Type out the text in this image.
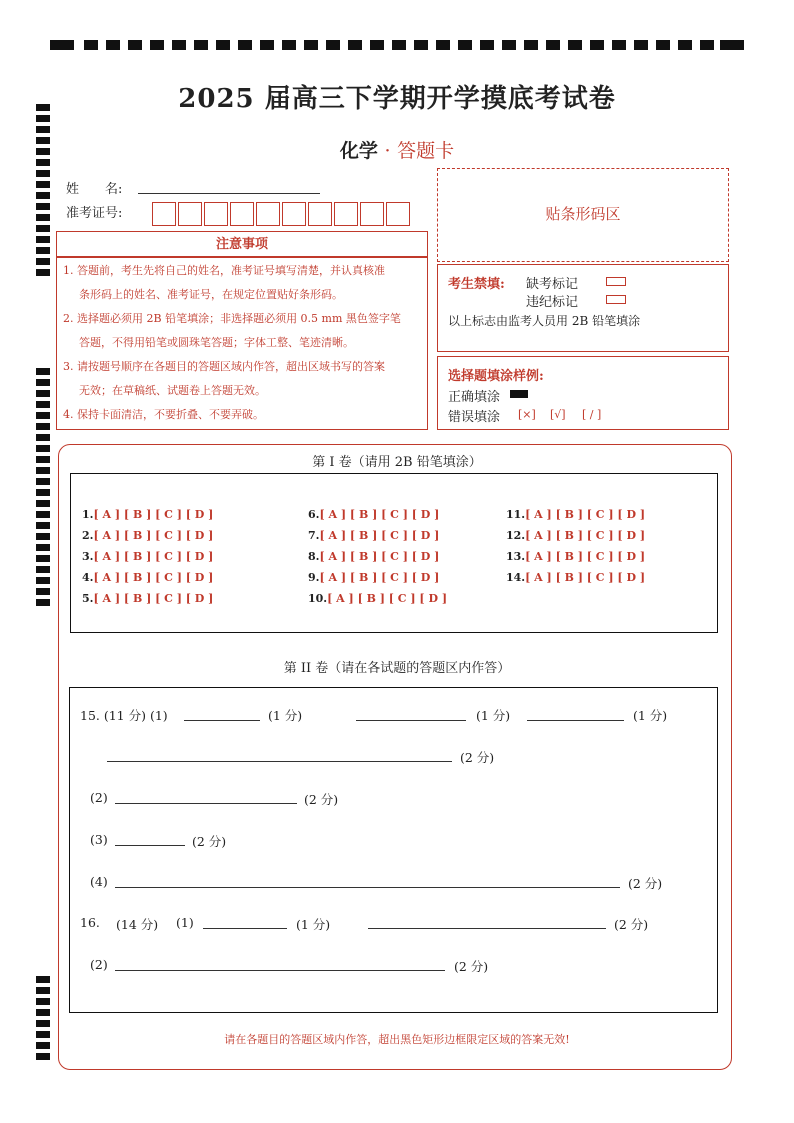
2025 届高三下学期开学摸底考试卷
化学 · 答题卡
姓　　名:
准考证号:	贴条形码区
注意事项
1. 答题前，考生先将自己的姓名，准考证号填写清楚，并认真核准
条形码上的姓名、准考证号，在规定位置贴好条形码。
2. 选择题必须用 2B 铅笔填涂；非选择题必须用 0.5 mm 黑色签字笔
答题，不得用铅笔或圆珠笔答题；字体工整、笔迹清晰。
3. 请按题号顺序在各题目的答题区域内作答，超出区域书写的答案
无效；在草稿纸、试题卷上答题无效。
4. 保持卡面清洁，不要折叠、不要弄破。
考生禁填: 缺考标记
违纪标记
以上标志由监考人员用 2B 铅笔填涂
选择题填涂样例:
正确填涂
错误填涂 [×] [√] [ / ]
第 I 卷（请用 2B 铅笔填涂）
1.[ A ] [ B ] [ C ] [ D ]
2.[ A ] [ B ] [ C ] [ D ]
3.[ A ] [ B ] [ C ] [ D ]
4.[ A ] [ B ] [ C ] [ D ]
5.[ A ] [ B ] [ C ] [ D ]
6.[ A ] [ B ] [ C ] [ D ]
7.[ A ] [ B ] [ C ] [ D ]
8.[ A ] [ B ] [ C ] [ D ]
9.[ A ] [ B ] [ C ] [ D ]
10.[ A ] [ B ] [ C ] [ D ]
11.[ A ] [ B ] [ C ] [ D ]
12.[ A ] [ B ] [ C ] [ D ]
13.[ A ] [ B ] [ C ] [ D ]
14.[ A ] [ B ] [ C ] [ D ]
第 II 卷（请在各试题的答题区内作答）
15. (11 分) (1)	(1 分)	(1 分)	(1 分)
(2 分)
(2)	(2 分)
(3)	(2 分)
(4)	(2 分)
16. (14 分) (1)	(1 分)	(2 分)
(2)	(2 分)
请在各题目的答题区域内作答，超出黑色矩形边框限定区域的答案无效!
